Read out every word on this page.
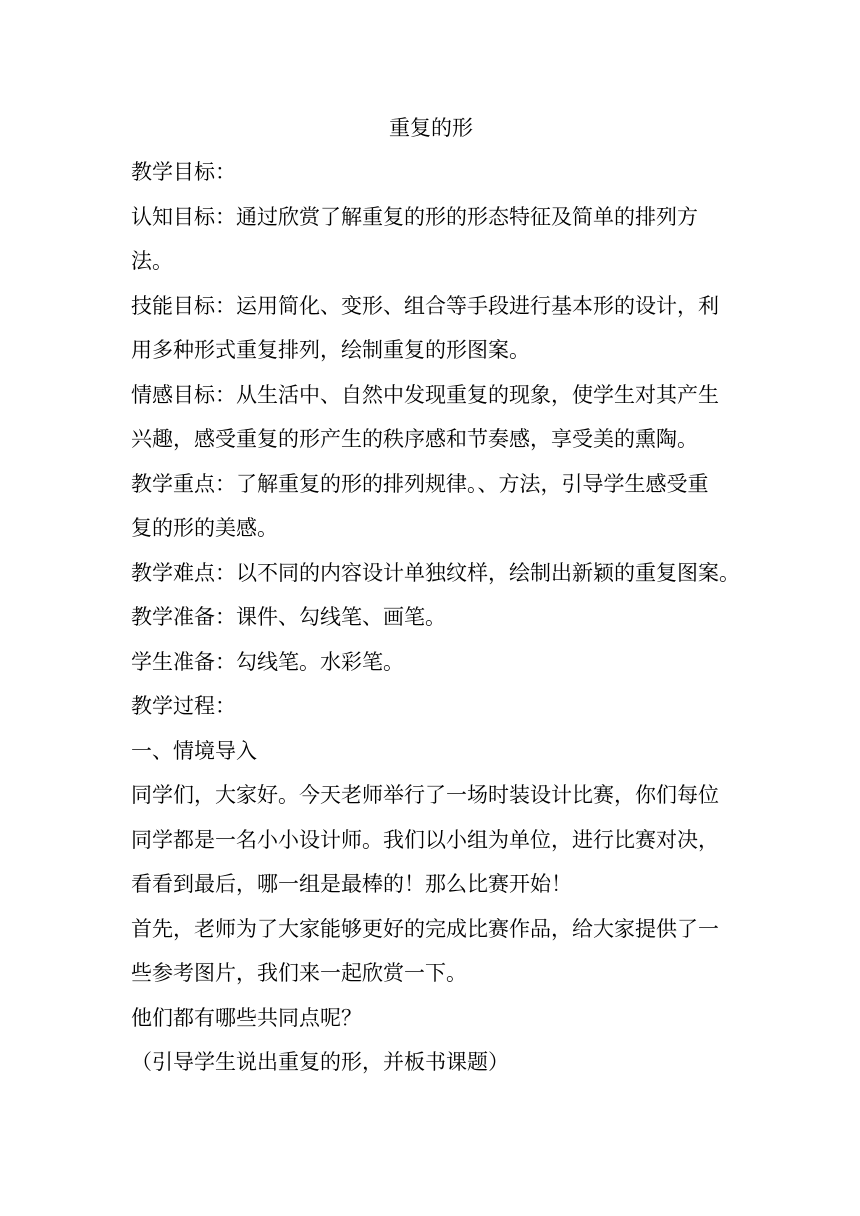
重复的形
教学目标：
认知目标：通过欣赏了解重复的形的形态特征及简单的排列方
法。
技能目标：运用简化、变形、组合等手段进行基本形的设计，利
用多种形式重复排列，绘制重复的形图案。
情感目标：从生活中、自然中发现重复的现象，使学生对其产生
兴趣，感受重复的形产生的秩序感和节奏感，享受美的熏陶。
教学重点：了解重复的形的排列规律。、方法，引导学生感受重
复的形的美感。
教学难点：以不同的内容设计单独纹样，绘制出新颖的重复图案。
教学准备：课件、勾线笔、画笔。
学生准备：勾线笔。水彩笔。
教学过程：
一、情境导入
同学们，大家好。今天老师举行了一场时装设计比赛，你们每位
同学都是一名小小设计师。我们以小组为单位，进行比赛对决，
看看到最后，哪一组是最棒的！那么比赛开始！
首先，老师为了大家能够更好的完成比赛作品，给大家提供了一
些参考图片，我们来一起欣赏一下。
他们都有哪些共同点呢？
（引导学生说出重复的形，并板书课题）
